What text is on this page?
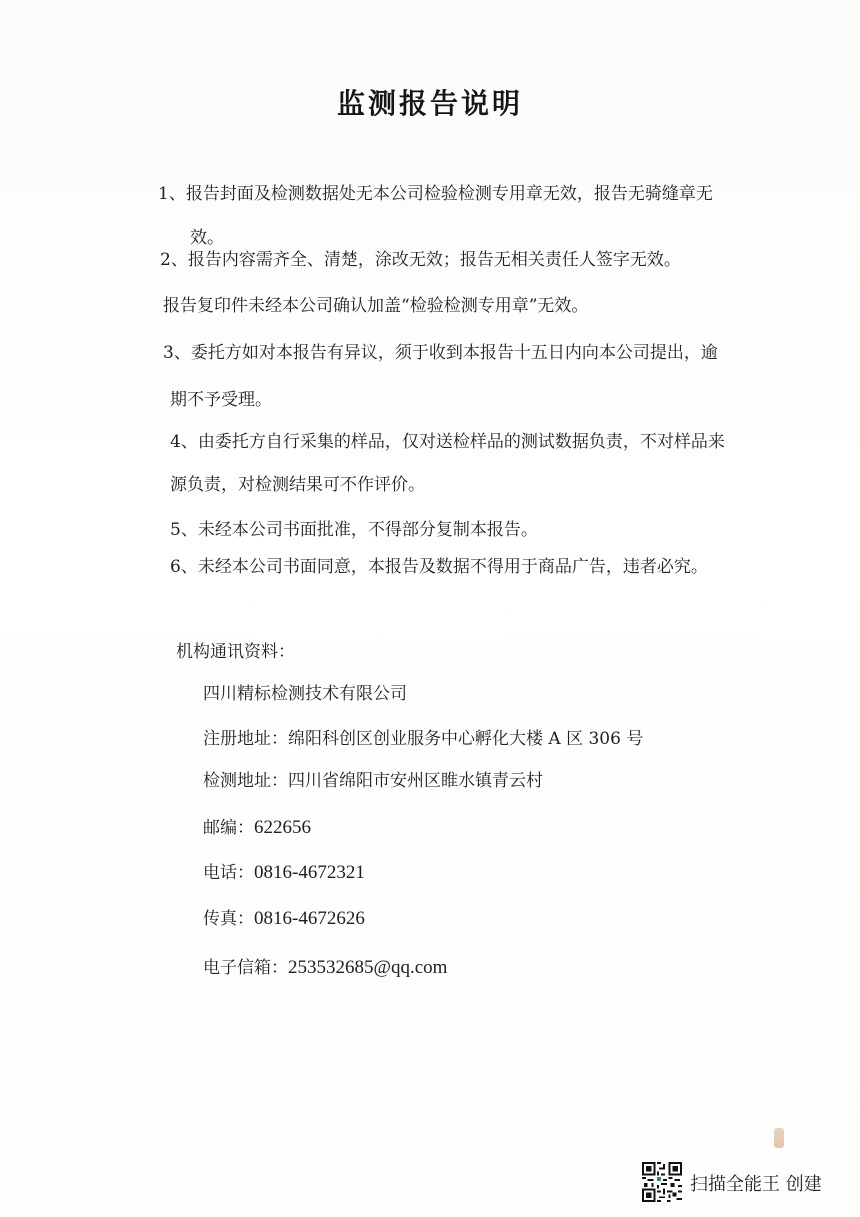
监测报告说明
1、报告封面及检测数据处无本公司检验检测专用章无效，报告无骑缝章无
效。
2、报告内容需齐全、清楚，涂改无效；报告无相关责任人签字无效。
报告复印件未经本公司确认加盖“检验检测专用章”无效。
3、委托方如对本报告有异议，须于收到本报告十五日内向本公司提出，逾
期不予受理。
4、由委托方自行采集的样品，仅对送检样品的测试数据负责，不对样品来
源负责，对检测结果可不作评价。
5、未经本公司书面批准，不得部分复制本报告。
6、未经本公司书面同意，本报告及数据不得用于商品广告，违者必究。
机构通讯资料：
四川精标检测技术有限公司
注册地址：绵阳科创区创业服务中心孵化大楼 A 区 306 号
检测地址：四川省绵阳市安州区睢水镇青云村
邮编：622656
电话：0816-4672321
传真：0816-4672626
电子信箱：253532685@qq.com
扫描全能王 创建
